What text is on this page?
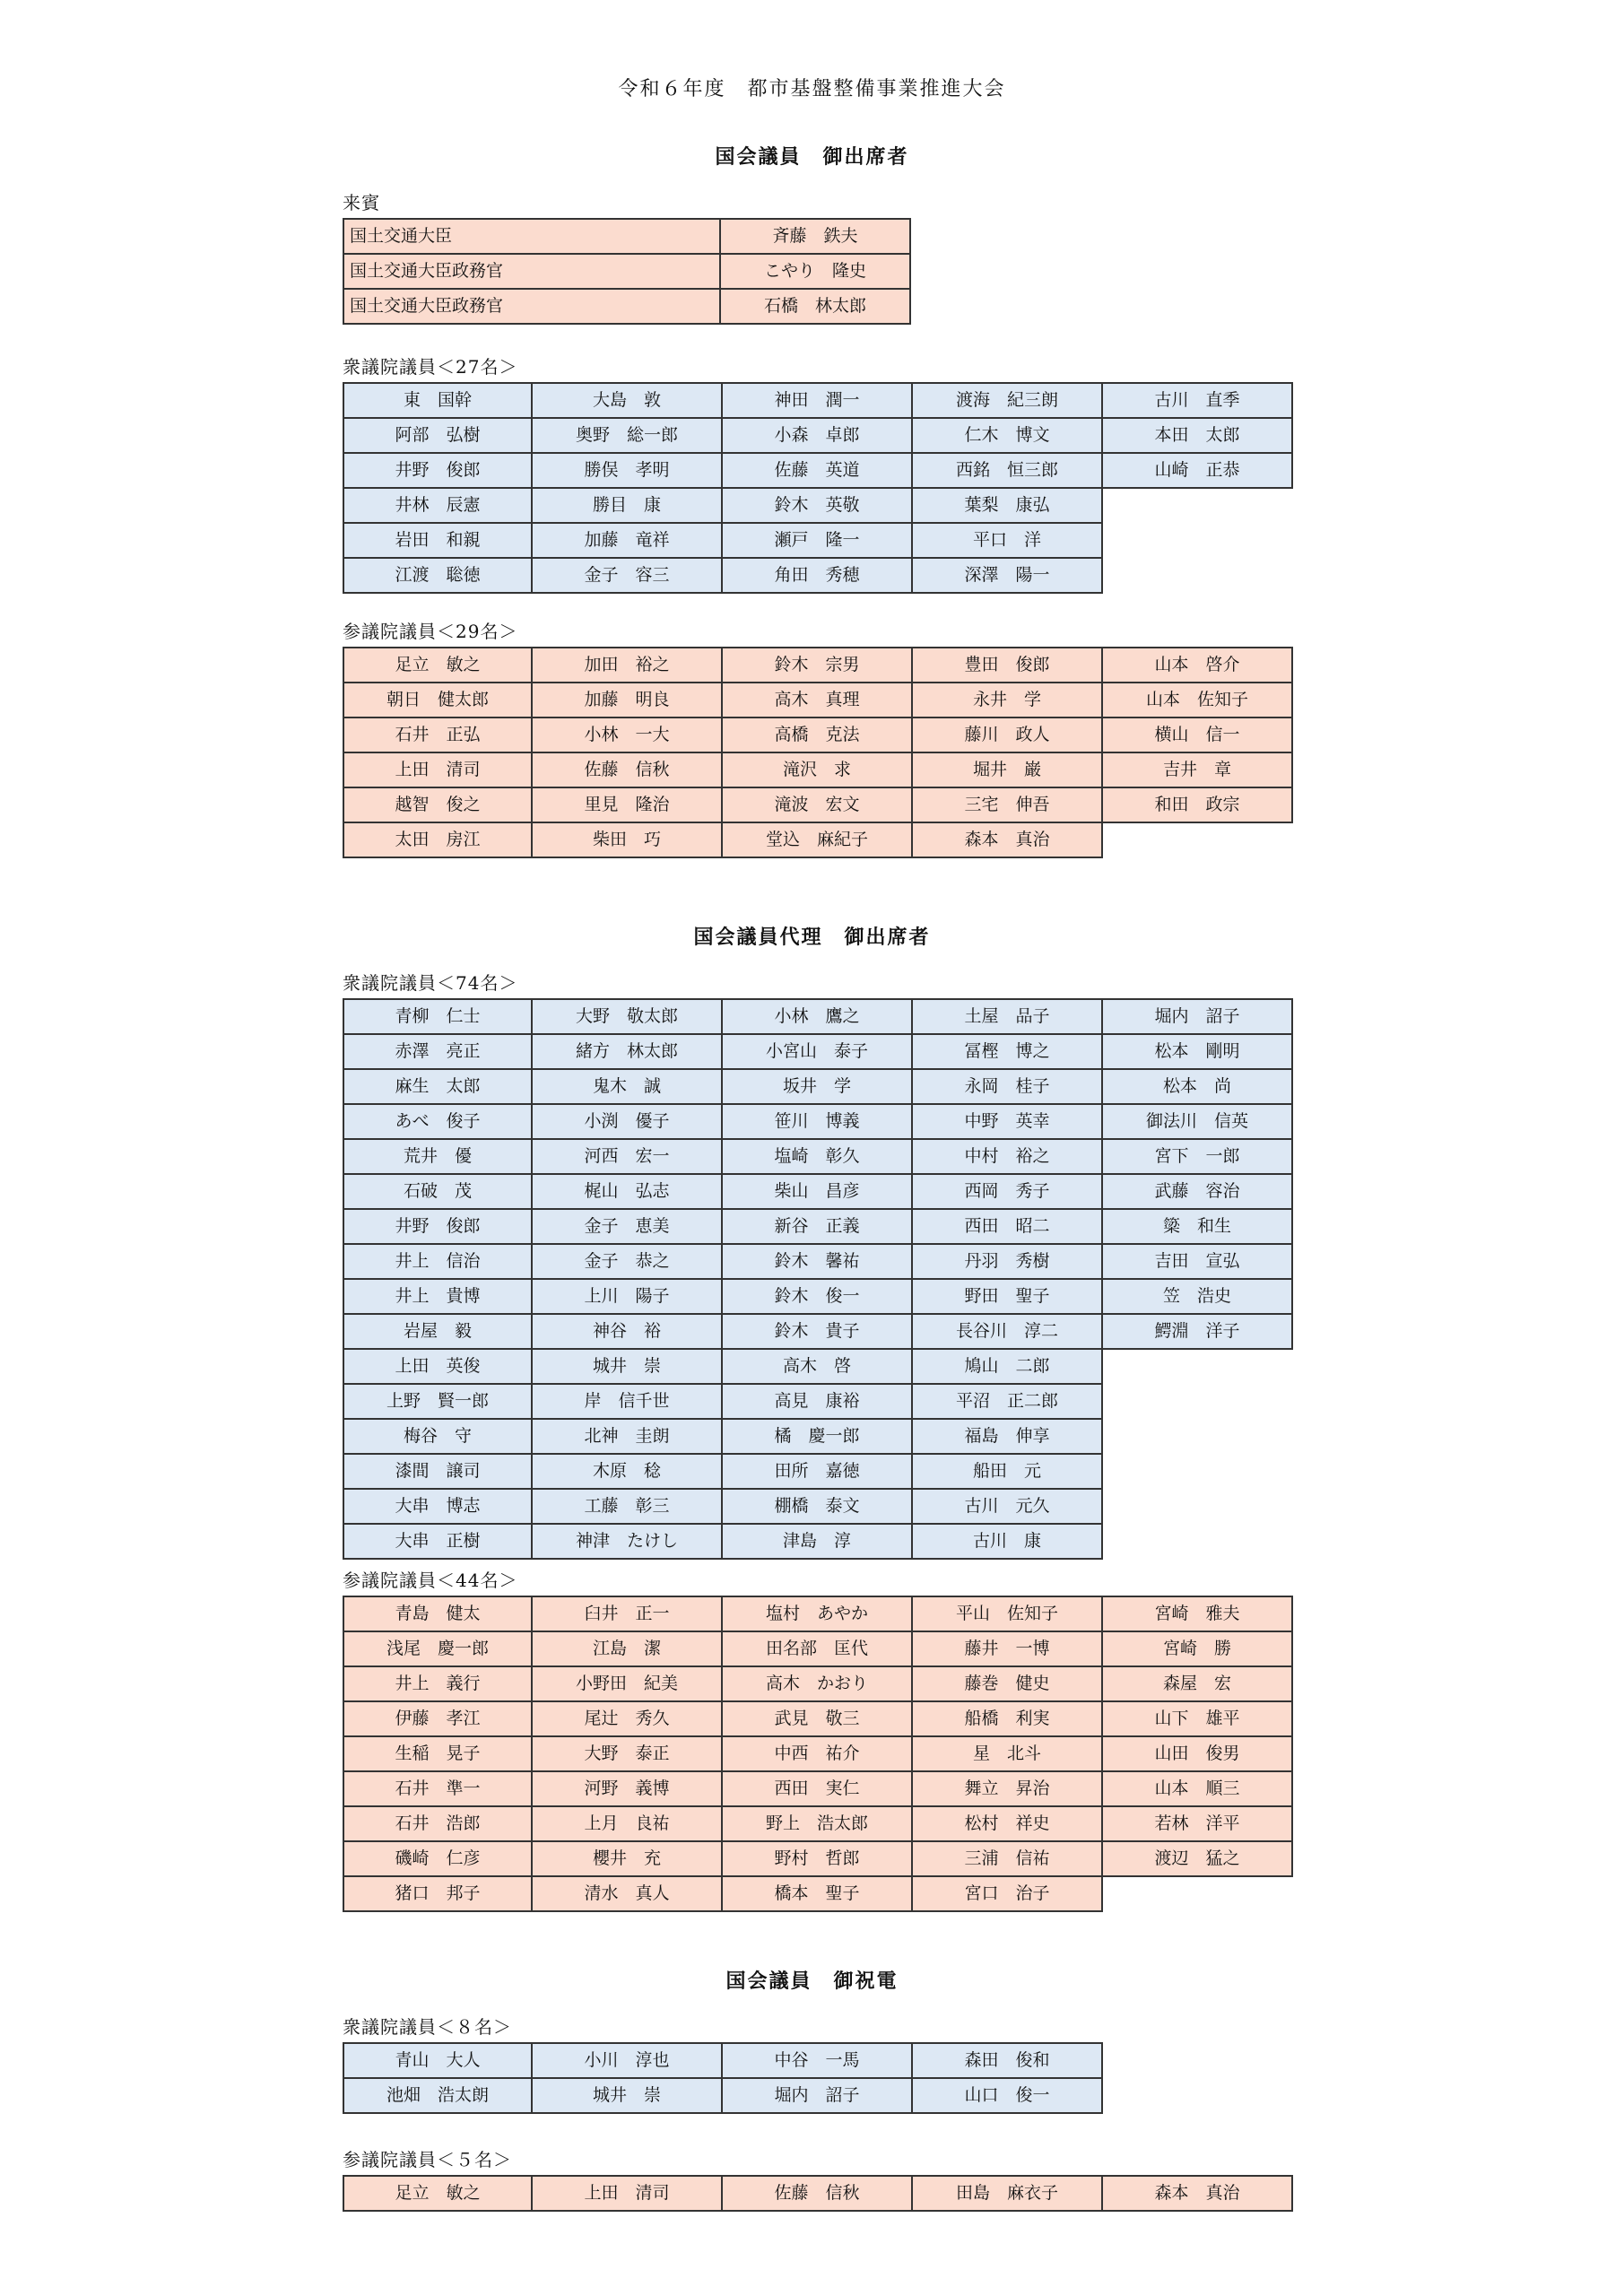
令和６年度　都市基盤整備事業推進大会
国会議員　御出席者
来賓
国土交通大臣	斉藤　鉄夫
国土交通大臣政務官	こやり　隆史
国土交通大臣政務官	石橋　林太郎
衆議院議員＜27名＞
東　国幹	大島　敦	神田　潤一	渡海　紀三朗	古川　直季
阿部　弘樹	奥野　総一郎	小森　卓郎	仁木　博文	本田　太郎
井野　俊郎	勝俣　孝明	佐藤　英道	西銘　恒三郎	山崎　正恭
井林　辰憲	勝目　康	鈴木　英敬	葉梨　康弘
岩田　和親	加藤　竜祥	瀬戸　隆一	平口　洋
江渡　聡徳	金子　容三	角田　秀穂	深澤　陽一
参議院議員＜29名＞
足立　敏之	加田　裕之	鈴木　宗男	豊田　俊郎	山本　啓介
朝日　健太郎	加藤　明良	高木　真理	永井　学	山本　佐知子
石井　正弘	小林　一大	高橋　克法	藤川　政人	横山　信一
上田　清司	佐藤　信秋	滝沢　求	堀井　巌	吉井　章
越智　俊之	里見　隆治	滝波　宏文	三宅　伸吾	和田　政宗
太田　房江	柴田　巧	堂込　麻紀子	森本　真治
国会議員代理　御出席者
衆議院議員＜74名＞
青柳　仁士	大野　敬太郎	小林　鷹之	土屋　品子	堀内　詔子
赤澤　亮正	緒方　林太郎	小宮山　泰子	冨樫　博之	松本　剛明
麻生　太郎	鬼木　誠	坂井　学	永岡　桂子	松本　尚
あべ　俊子	小渕　優子	笹川　博義	中野　英幸	御法川　信英
荒井　優	河西　宏一	塩崎　彰久	中村　裕之	宮下　一郎
石破　茂	梶山　弘志	柴山　昌彦	西岡　秀子	武藤　容治
井野　俊郎	金子　恵美	新谷　正義	西田　昭二	簗　和生
井上　信治	金子　恭之	鈴木　馨祐	丹羽　秀樹	吉田　宣弘
井上　貴博	上川　陽子	鈴木　俊一	野田　聖子	笠　浩史
岩屋　毅	神谷　裕	鈴木　貴子	長谷川　淳二	鰐淵　洋子
上田　英俊	城井　崇	高木　啓	鳩山　二郎
上野　賢一郎	岸　信千世	高見　康裕	平沼　正二郎
梅谷　守	北神　圭朗	橘　慶一郎	福島　伸享
漆間　譲司	木原　稔	田所　嘉徳	船田　元
大串　博志	工藤　彰三	棚橋　泰文	古川　元久
大串　正樹	神津　たけし	津島　淳	古川　康
参議院議員＜44名＞
青島　健太	臼井　正一	塩村　あやか	平山　佐知子	宮崎　雅夫
浅尾　慶一郎	江島　潔	田名部　匡代	藤井　一博	宮崎　勝
井上　義行	小野田　紀美	高木　かおり	藤巻　健史	森屋　宏
伊藤　孝江	尾辻　秀久	武見　敬三	船橋　利実	山下　雄平
生稲　晃子	大野　泰正	中西　祐介	星　北斗	山田　俊男
石井　準一	河野　義博	西田　実仁	舞立　昇治	山本　順三
石井　浩郎	上月　良祐	野上　浩太郎	松村　祥史	若林　洋平
磯崎　仁彦	櫻井　充	野村　哲郎	三浦　信祐	渡辺　猛之
猪口　邦子	清水　真人	橋本　聖子	宮口　治子
国会議員　御祝電
衆議院議員＜８名＞
青山　大人	小川　淳也	中谷　一馬	森田　俊和
池畑　浩太朗	城井　崇	堀内　詔子	山口　俊一
参議院議員＜５名＞
足立　敏之	上田　清司	佐藤　信秋	田島　麻衣子	森本　真治
